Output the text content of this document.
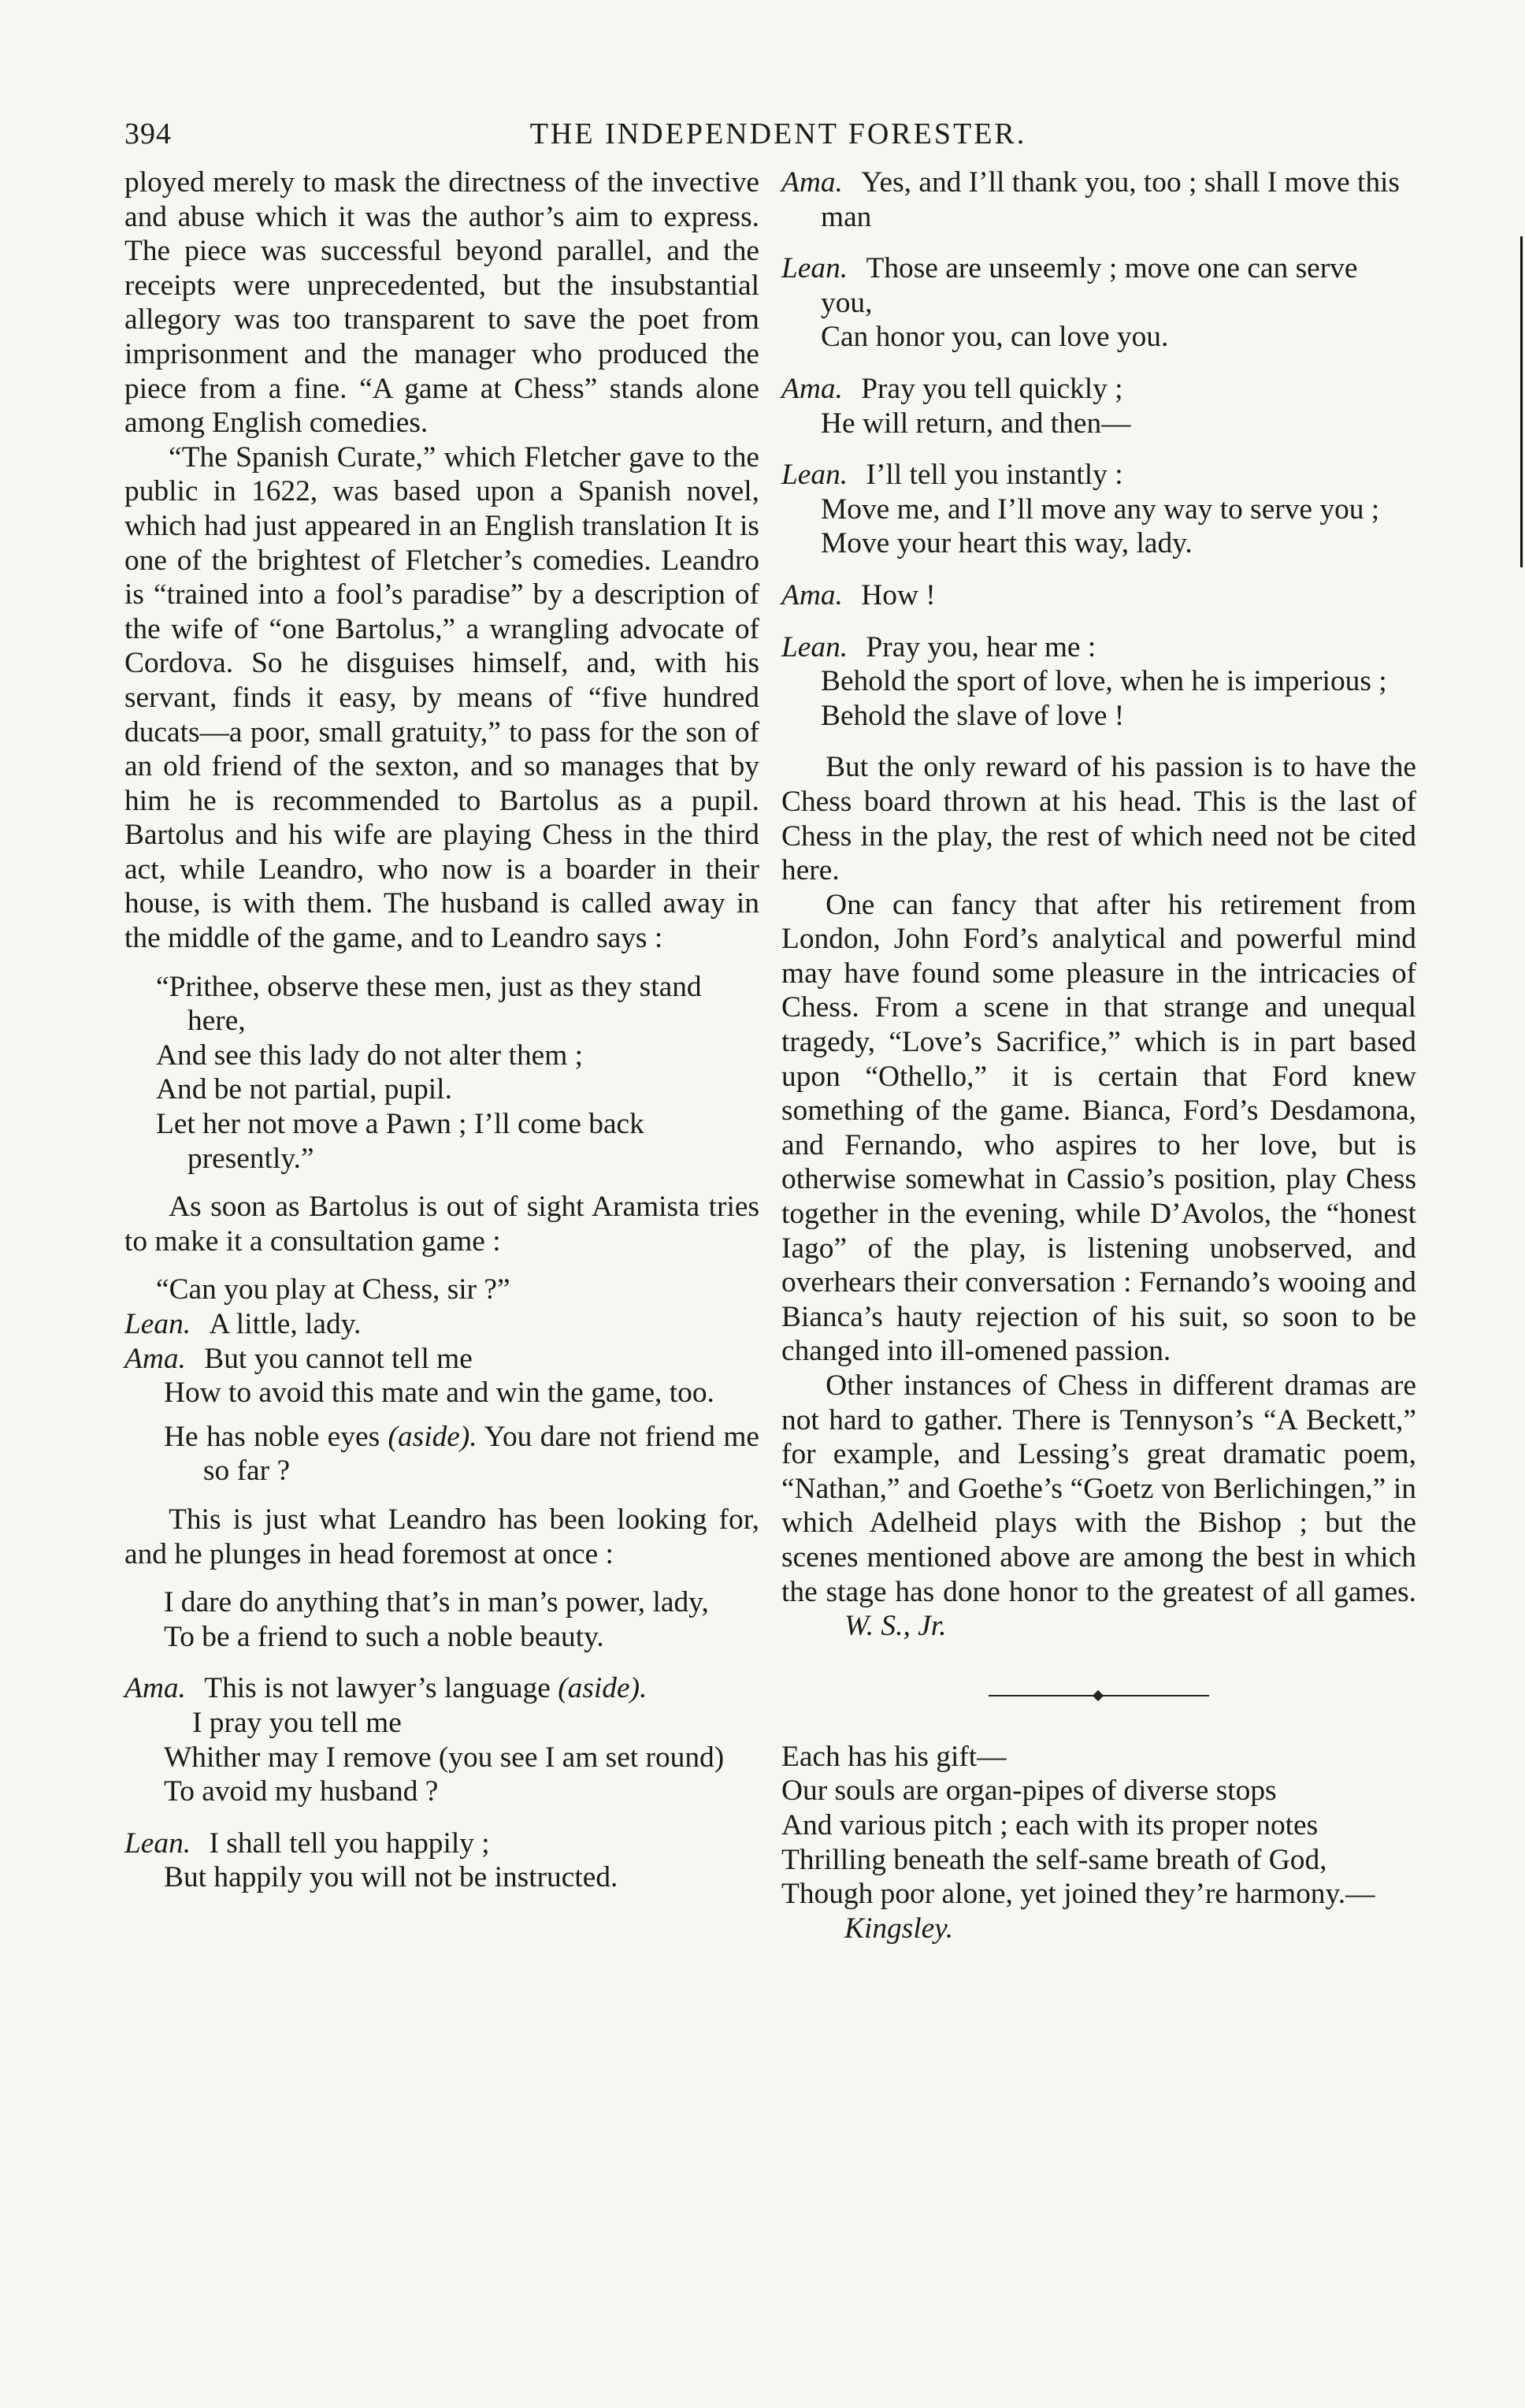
394	THE INDEPENDENT FORESTER.

ployed merely to mask the directness of the invective and abuse which it was the author’s aim to express. The piece was successful beyond parallel, and the receipts were unprecedented, but the insubstantial allegory was too transparent to save the poet from imprisonment and the manager who produced the piece from a fine. “A game at Chess” stands alone among English comedies.

“The Spanish Curate,” which Fletcher gave to the public in 1622, was based upon a Spanish novel, which had just appeared in an English translation It is one of the brightest of Fletcher’s comedies. Leandro is “trained into a fool’s paradise” by a description of the wife of “one Bartolus,” a wrangling advocate of Cordova. So he disguises himself, and, with his servant, finds it easy, by means of “five hundred ducats—a poor, small gratuity,” to pass for the son of an old friend of the sexton, and so manages that by him he is recommended to Bartolus as a pupil. Bartolus and his wife are playing Chess in the third act, while Leandro, who now is a boarder in their house, is with them. The husband is called away in the middle of the game, and to Leandro says :

“Prithee, observe these men, just as they stand here,
And see this lady do not alter them ;
And be not partial, pupil.
Let her not move a Pawn ; I’ll come back presently.”

As soon as Bartolus is out of sight Aramista tries to make it a consultation game :

“Can you play at Chess, sir ?”
Lean. A little, lady.
Ama. But you cannot tell me
How to avoid this mate and win the game, too.
He has noble eyes (aside). You dare not friend me so far ?

This is just what Leandro has been looking for, and he plunges in head foremost at once :

I dare do anything that’s in man’s power, lady,
To be a friend to such a noble beauty.
Ama. This is not lawyer’s language (aside).
I pray you tell me
Whither may I remove (you see I am set round)
To avoid my husband ?
Lean. I shall tell you happily ;
But happily you will not be instructed.
Ama. Yes, and I’ll thank you, too ; shall I move this man
Lean. Those are unseemly ; move one can serve you,
Can honor you, can love you.
Ama. Pray you tell quickly ;
He will return, and then—
Lean. I’ll tell you instantly :
Move me, and I’ll move any way to serve you ;
Move your heart this way, lady.
Ama. How !
Lean. Pray you, hear me :
Behold the sport of love, when he is imperious ;
Behold the slave of love !

But the only reward of his passion is to have the Chess board thrown at his head. This is the last of Chess in the play, the rest of which need not be cited here.

One can fancy that after his retirement from London, John Ford’s analytical and powerful mind may have found some pleasure in the intricacies of Chess. From a scene in that strange and unequal tragedy, “Love’s Sacrifice,” which is in part based upon “Othello,” it is certain that Ford knew something of the game. Bianca, Ford’s Desdamona, and Fernando, who aspires to her love, but is otherwise somewhat in Cassio’s position, play Chess together in the evening, while D’Avolos, the “honest Iago” of the play, is listening unobserved, and overhears their conversation : Fernando’s wooing and Bianca’s hauty rejection of his suit, so soon to be changed into ill-omened passion.

Other instances of Chess in different dramas are not hard to gather. There is Tennyson’s “A Beckett,” for example, and Lessing’s great dramatic poem, “Nathan,” and Goethe’s “Goetz von Berlichingen,” in which Adelheid plays with the Bishop ; but the scenes mentioned above are among the best in which the stage has done honor to the greatest of all games. W. S., Jr.

Each has his gift—
Our souls are organ-pipes of diverse stops
And various pitch ; each with its proper notes
Thrilling beneath the self-same breath of God,
Though poor alone, yet joined they’re harmony.—Kingsley.
